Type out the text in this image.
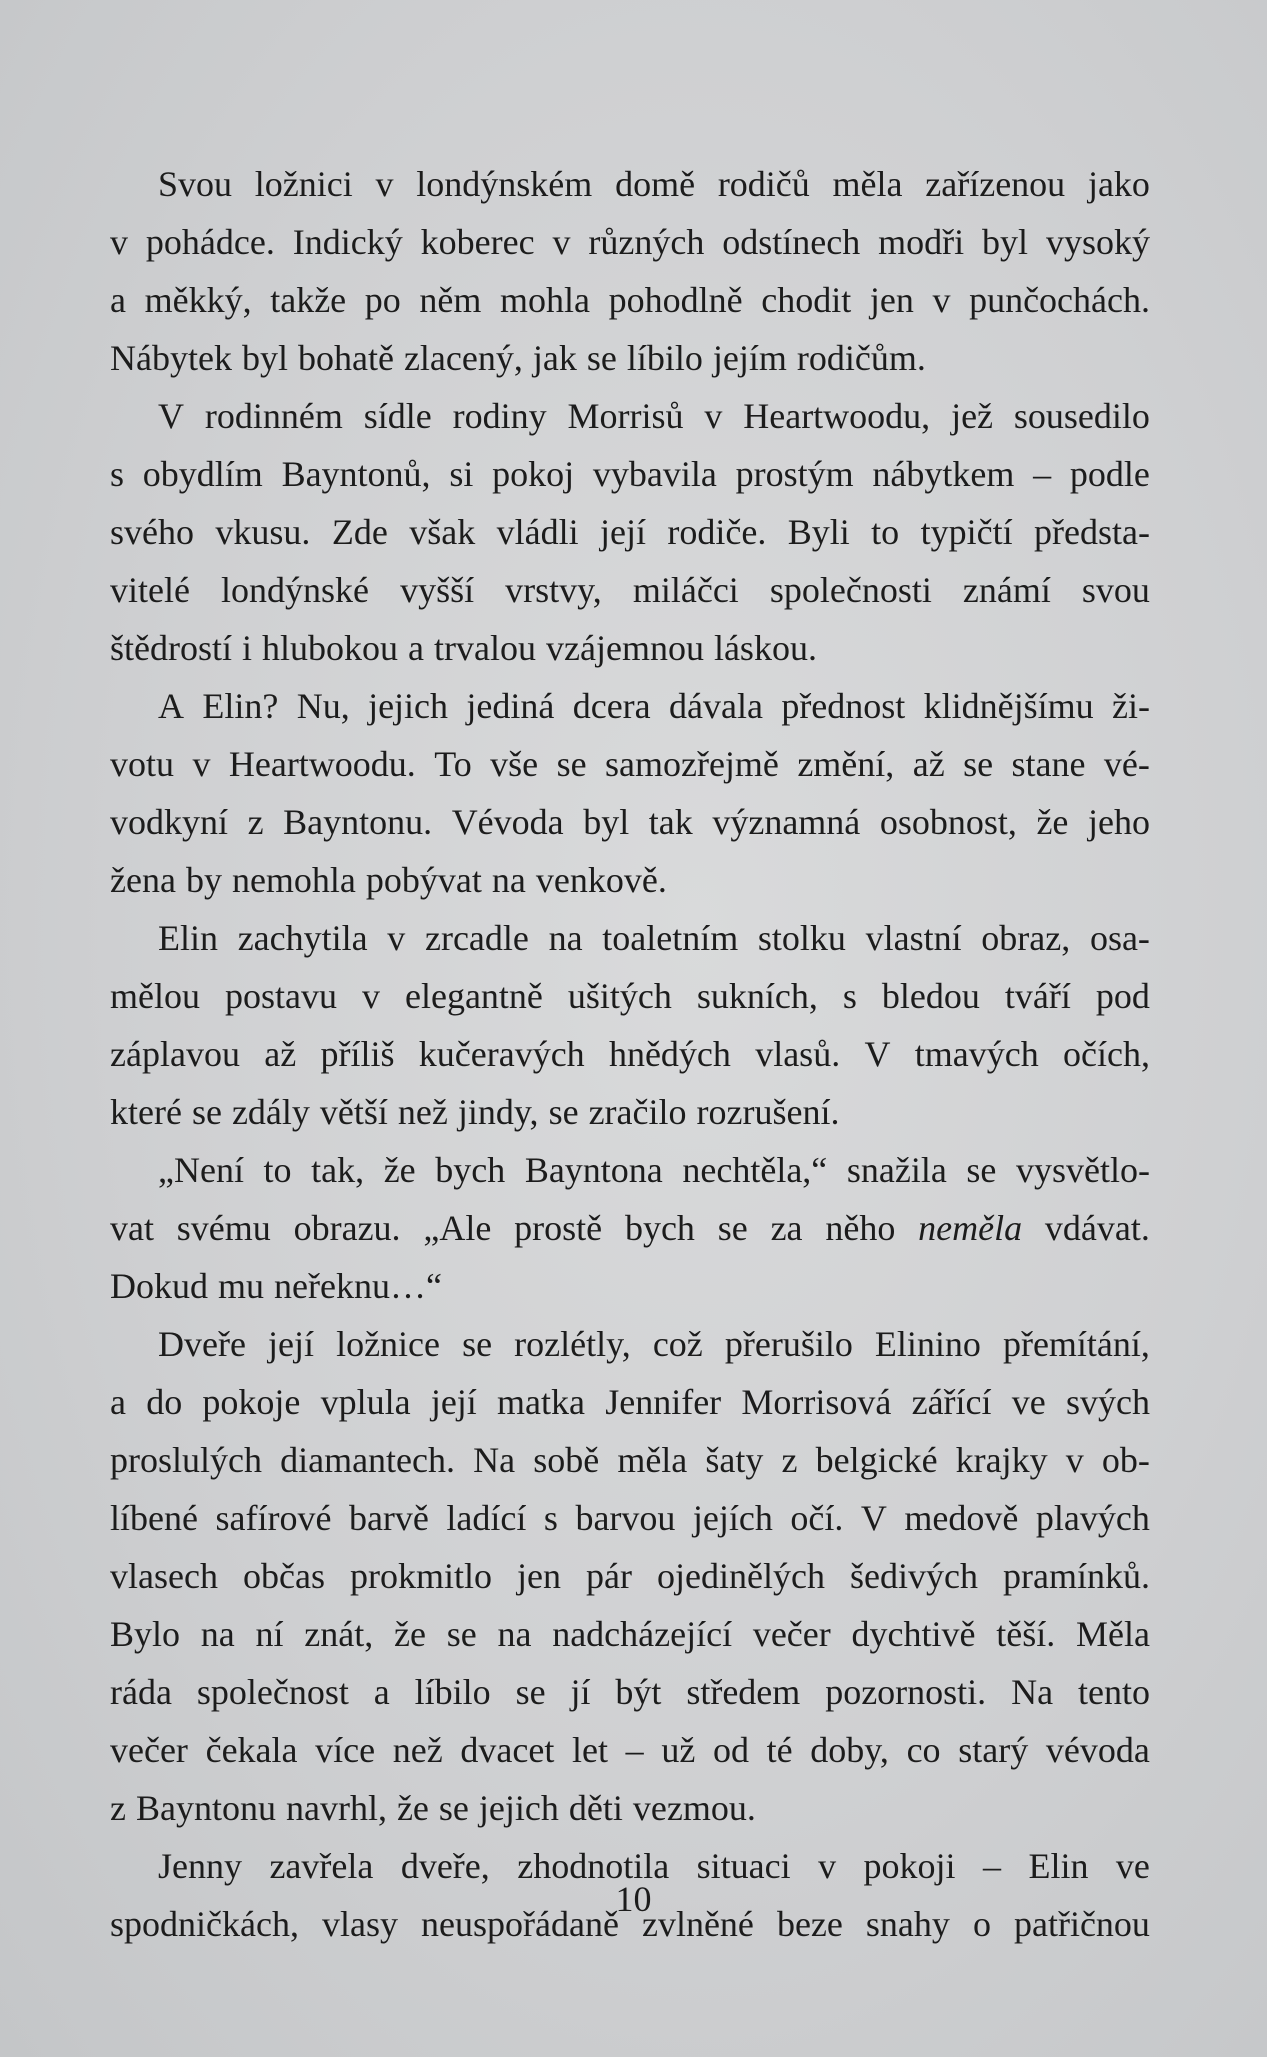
Svou ložnici v londýnském domě rodičů měla zařízenou jako
v pohádce. Indický koberec v různých odstínech modři byl vysoký
a měkký, takže po něm mohla pohodlně chodit jen v punčochách.
Nábytek byl bohatě zlacený, jak se líbilo jejím rodičům.
V rodinném sídle rodiny Morrisů v Heartwoodu, jež sousedilo
s obydlím Bayntonů, si pokoj vybavila prostým nábytkem – podle
svého vkusu. Zde však vládli její rodiče. Byli to typičtí předsta-
vitelé londýnské vyšší vrstvy, miláčci společnosti známí svou
štědrostí i hlubokou a trvalou vzájemnou láskou.
A Elin? Nu, jejich jediná dcera dávala přednost klidnějšímu ži-
votu v Heartwoodu. To vše se samozřejmě změní, až se stane vé-
vodkyní z Bayntonu. Vévoda byl tak významná osobnost, že jeho
žena by nemohla pobývat na venkově.
Elin zachytila v zrcadle na toaletním stolku vlastní obraz, osa-
mělou postavu v elegantně ušitých sukních, s bledou tváří pod
záplavou až příliš kučeravých hnědých vlasů. V tmavých očích,
které se zdály větší než jindy, se zračilo rozrušení.
„Není to tak, že bych Bayntona nechtěla,“ snažila se vysvětlo-
vat svému obrazu. „Ale prostě bych se za něho neměla vdávat.
Dokud mu neřeknu…“
Dveře její ložnice se rozlétly, což přerušilo Elinino přemítání,
a do pokoje vplula její matka Jennifer Morrisová zářící ve svých
proslulých diamantech. Na sobě měla šaty z belgické krajky v ob-
líbené safírové barvě ladící s barvou jejích očí. V medově plavých
vlasech občas prokmitlo jen pár ojedinělých šedivých pramínků.
Bylo na ní znát, že se na nadcházející večer dychtivě těší. Měla
ráda společnost a líbilo se jí být středem pozornosti. Na tento
večer čekala více než dvacet let – už od té doby, co starý vévoda
z Bayntonu navrhl, že se jejich děti vezmou.
Jenny zavřela dveře, zhodnotila situaci v pokoji – Elin ve
spodničkách, vlasy neuspořádaně zvlněné beze snahy o patřičnou
10
